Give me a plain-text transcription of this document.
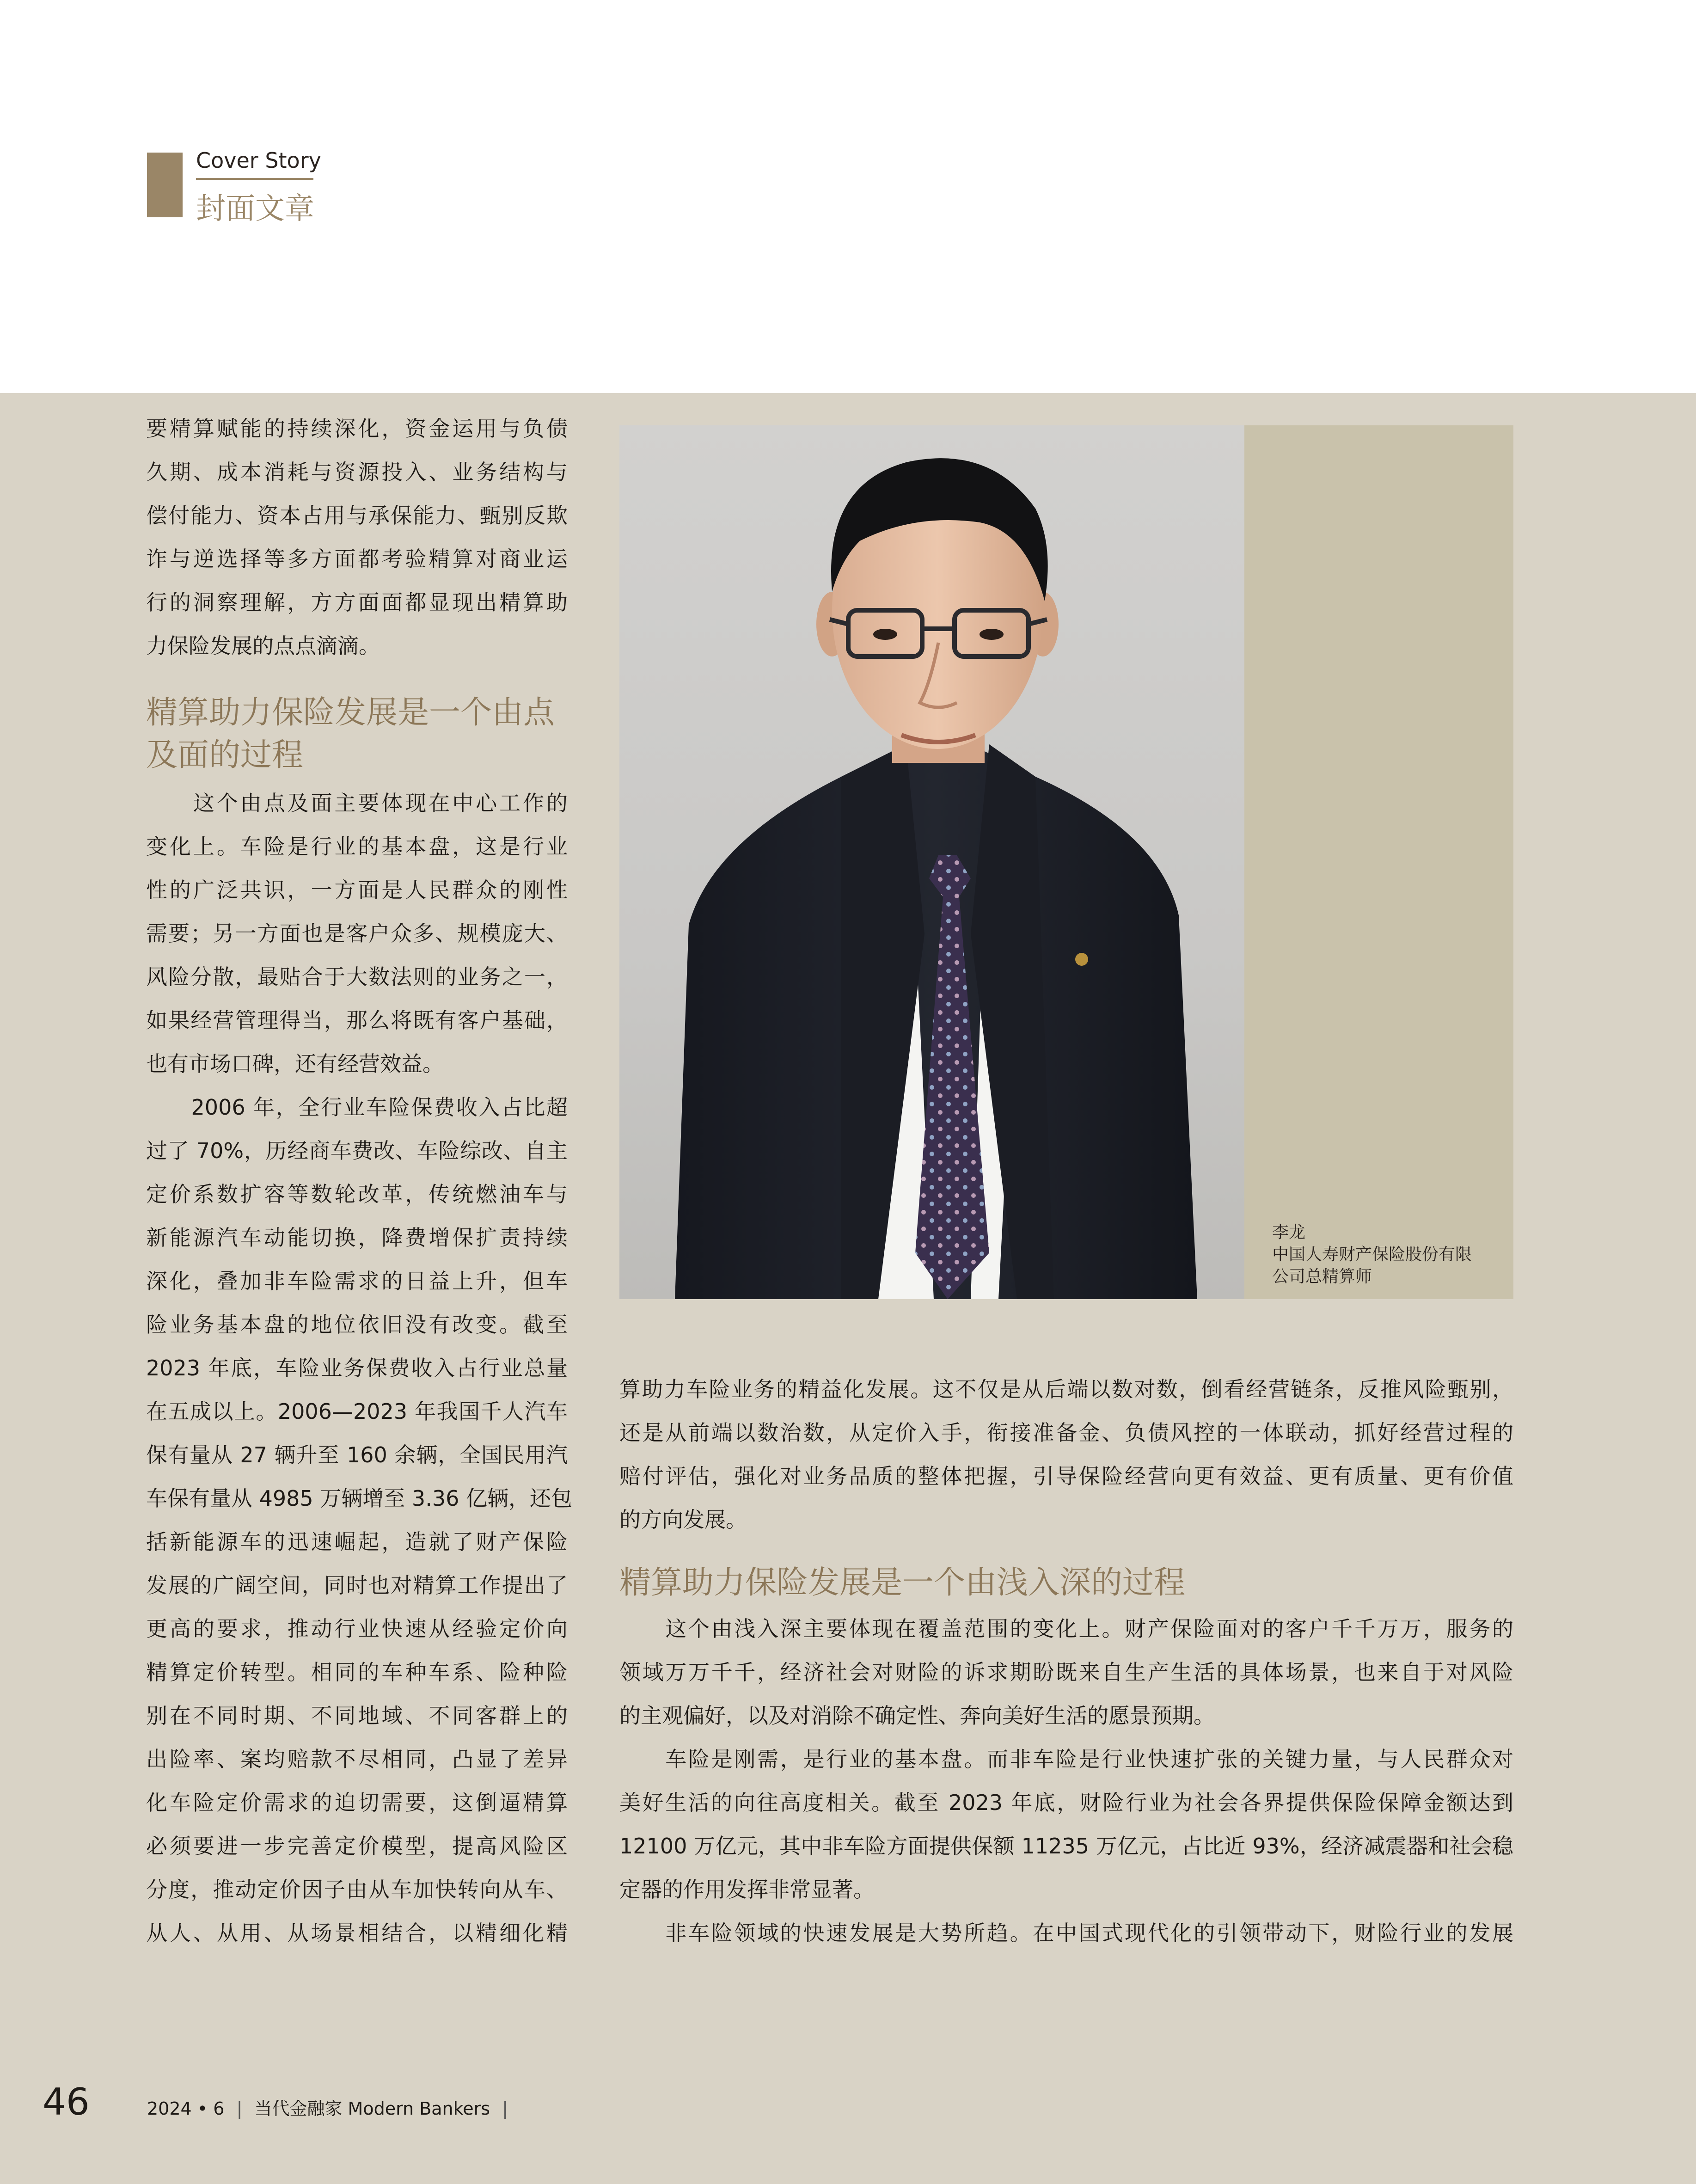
Cover Story
封面文章

要精算赋能的持续深化，资金运用与负债

久期、成本消耗与资源投入、业务结构与

偿付能力、资本占用与承保能力、甄别反欺

诈与逆选择等多方面都考验精算对商业运

行的洞察理解，方方面面都显现出精算助

力保险发展的点点滴滴。

精算助力保险发展是一个由点
及面的过程

　　这个由点及面主要体现在中心工作的

变化上。车险是行业的基本盘，这是行业

性的广泛共识，一方面是人民群众的刚性

需要；另一方面也是客户众多、规模庞大、

风险分散，最贴合于大数法则的业务之一，

如果经营管理得当，那么将既有客户基础，

也有市场口碑，还有经营效益。

　　2006 年，全行业车险保费收入占比超

过了 70%，历经商车费改、车险综改、自主

定价系数扩容等数轮改革，传统燃油车与

新能源汽车动能切换，降费增保扩责持续

深化，叠加非车险需求的日益上升，但车

险业务基本盘的地位依旧没有改变。截至

2023 年底，车险业务保费收入占行业总量

在五成以上。2006—2023 年我国千人汽车

保有量从 27 辆升至 160 余辆，全国民用汽

车保有量从 4985 万辆增至 3.36 亿辆，还包

括新能源车的迅速崛起，造就了财产保险

发展的广阔空间，同时也对精算工作提出了

更高的要求，推动行业快速从经验定价向

精算定价转型。相同的车种车系、险种险

别在不同时期、不同地域、不同客群上的

出险率、案均赔款不尽相同，凸显了差异

化车险定价需求的迫切需要，这倒逼精算

必须要进一步完善定价模型，提高风险区

分度，推动定价因子由从车加快转向从车、

从人、从用、从场景相结合，以精细化精

李龙
中国人寿财产保险股份有限
公司总精算师

算助力车险业务的精益化发展。这不仅是从后端以数对数，倒看经营链条，反推风险甄别，

还是从前端以数治数，从定价入手，衔接准备金、负债风控的一体联动，抓好经营过程的

赔付评估，强化对业务品质的整体把握，引导保险经营向更有效益、更有质量、更有价值

的方向发展。

精算助力保险发展是一个由浅入深的过程

　　这个由浅入深主要体现在覆盖范围的变化上。财产保险面对的客户千千万万，服务的

领域万万千千，经济社会对财险的诉求期盼既来自生产生活的具体场景，也来自于对风险

的主观偏好，以及对消除不确定性、奔向美好生活的愿景预期。

　　车险是刚需，是行业的基本盘。而非车险是行业快速扩张的关键力量，与人民群众对

美好生活的向往高度相关。截至 2023 年底，财险行业为社会各界提供保险保障金额达到

12100 万亿元，其中非车险方面提供保额 11235 万亿元，占比近 93%，经济减震器和社会稳

定器的作用发挥非常显著。

　　非车险领域的快速发展是大势所趋。在中国式现代化的引领带动下，财险行业的发展

46	2024 • 6 | 当代金融家 Modern Bankers |
